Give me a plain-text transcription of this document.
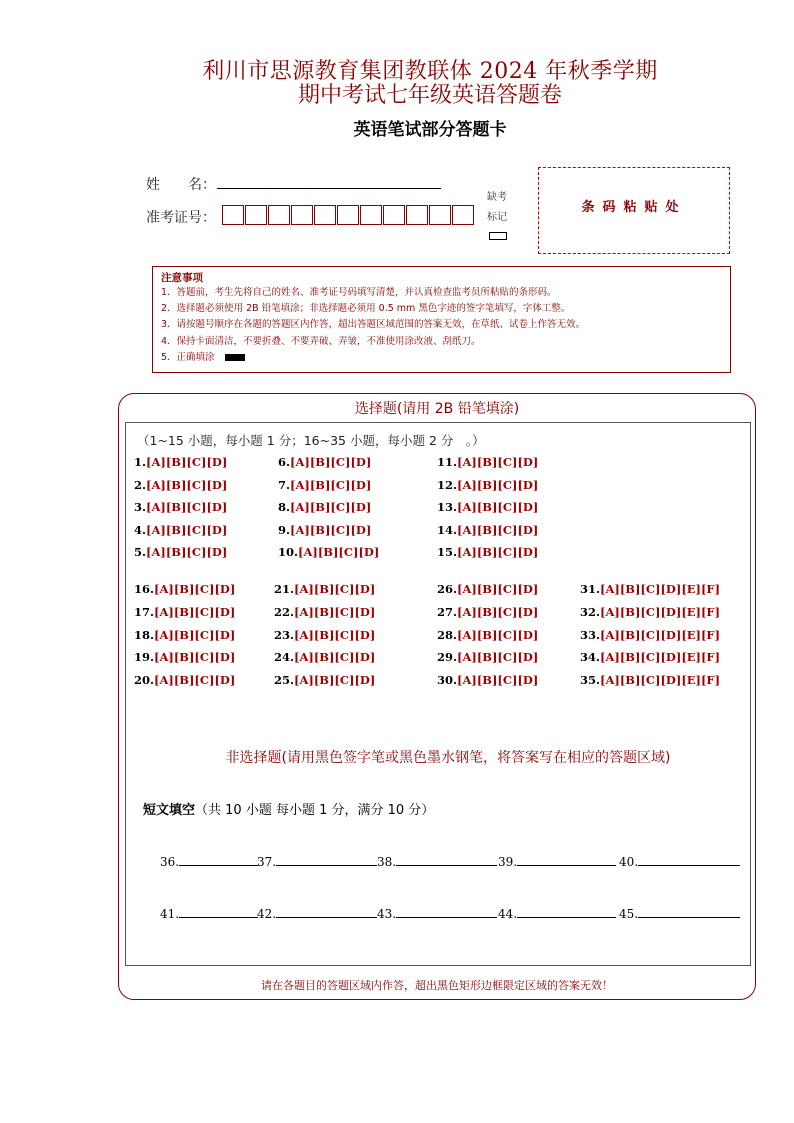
利川市思源教育集团教联体 2024 年秋季学期
期中考试七年级英语答题卷
英语笔试部分答题卡
姓　　名：
准考证号：
缺考
标记
条码粘贴处
注意事项
1．答题前，考生先将自己的姓名、准考证号码填写清楚，并认真检查监考员所粘贴的条形码。
2．选择题必须使用 2B 铅笔填涂；非选择题必须用 0.5 mm 黑色字迹的签字笔填写，字体工整。
3．请按题号顺序在各题的答题区内作答，超出答题区域范围的答案无效，在草纸、试卷上作答无效。
4．保持卡面清洁，不要折叠、不要弄破、弄皱，不准使用涂改液、刮纸刀。
5．正确填涂
选择题(请用 2B 铅笔填涂)
（1~15 小题，每小题 1 分；16~35 小题，每小题 2 分　。）
1.[A][B][C][D]
2.[A][B][C][D]
3.[A][B][C][D]
4.[A][B][C][D]
5.[A][B][C][D]
6.[A][B][C][D]
7.[A][B][C][D]
8.[A][B][C][D]
9.[A][B][C][D]
10.[A][B][C][D]
11.[A][B][C][D]
12.[A][B][C][D]
13.[A][B][C][D]
14.[A][B][C][D]
15.[A][B][C][D]
16.[A][B][C][D]
17.[A][B][C][D]
18.[A][B][C][D]
19.[A][B][C][D]
20.[A][B][C][D]
21.[A][B][C][D]
22.[A][B][C][D]
23.[A][B][C][D]
24.[A][B][C][D]
25.[A][B][C][D]
26.[A][B][C][D]
27.[A][B][C][D]
28.[A][B][C][D]
29.[A][B][C][D]
30.[A][B][C][D]
31.[A][B][C][D][E][F]
32.[A][B][C][D][E][F]
33.[A][B][C][D][E][F]
34.[A][B][C][D][E][F]
35.[A][B][C][D][E][F]
非选择题(请用黑色签字笔或黑色墨水钢笔，将答案写在相应的答题区域)
短文填空（共 10 小题 每小题 1 分，满分 10 分）
36.	37.	38.	39.	40.
41.	42.	43.	44.	45.
请在各题目的答题区域内作答，超出黑色矩形边框限定区域的答案无效！
